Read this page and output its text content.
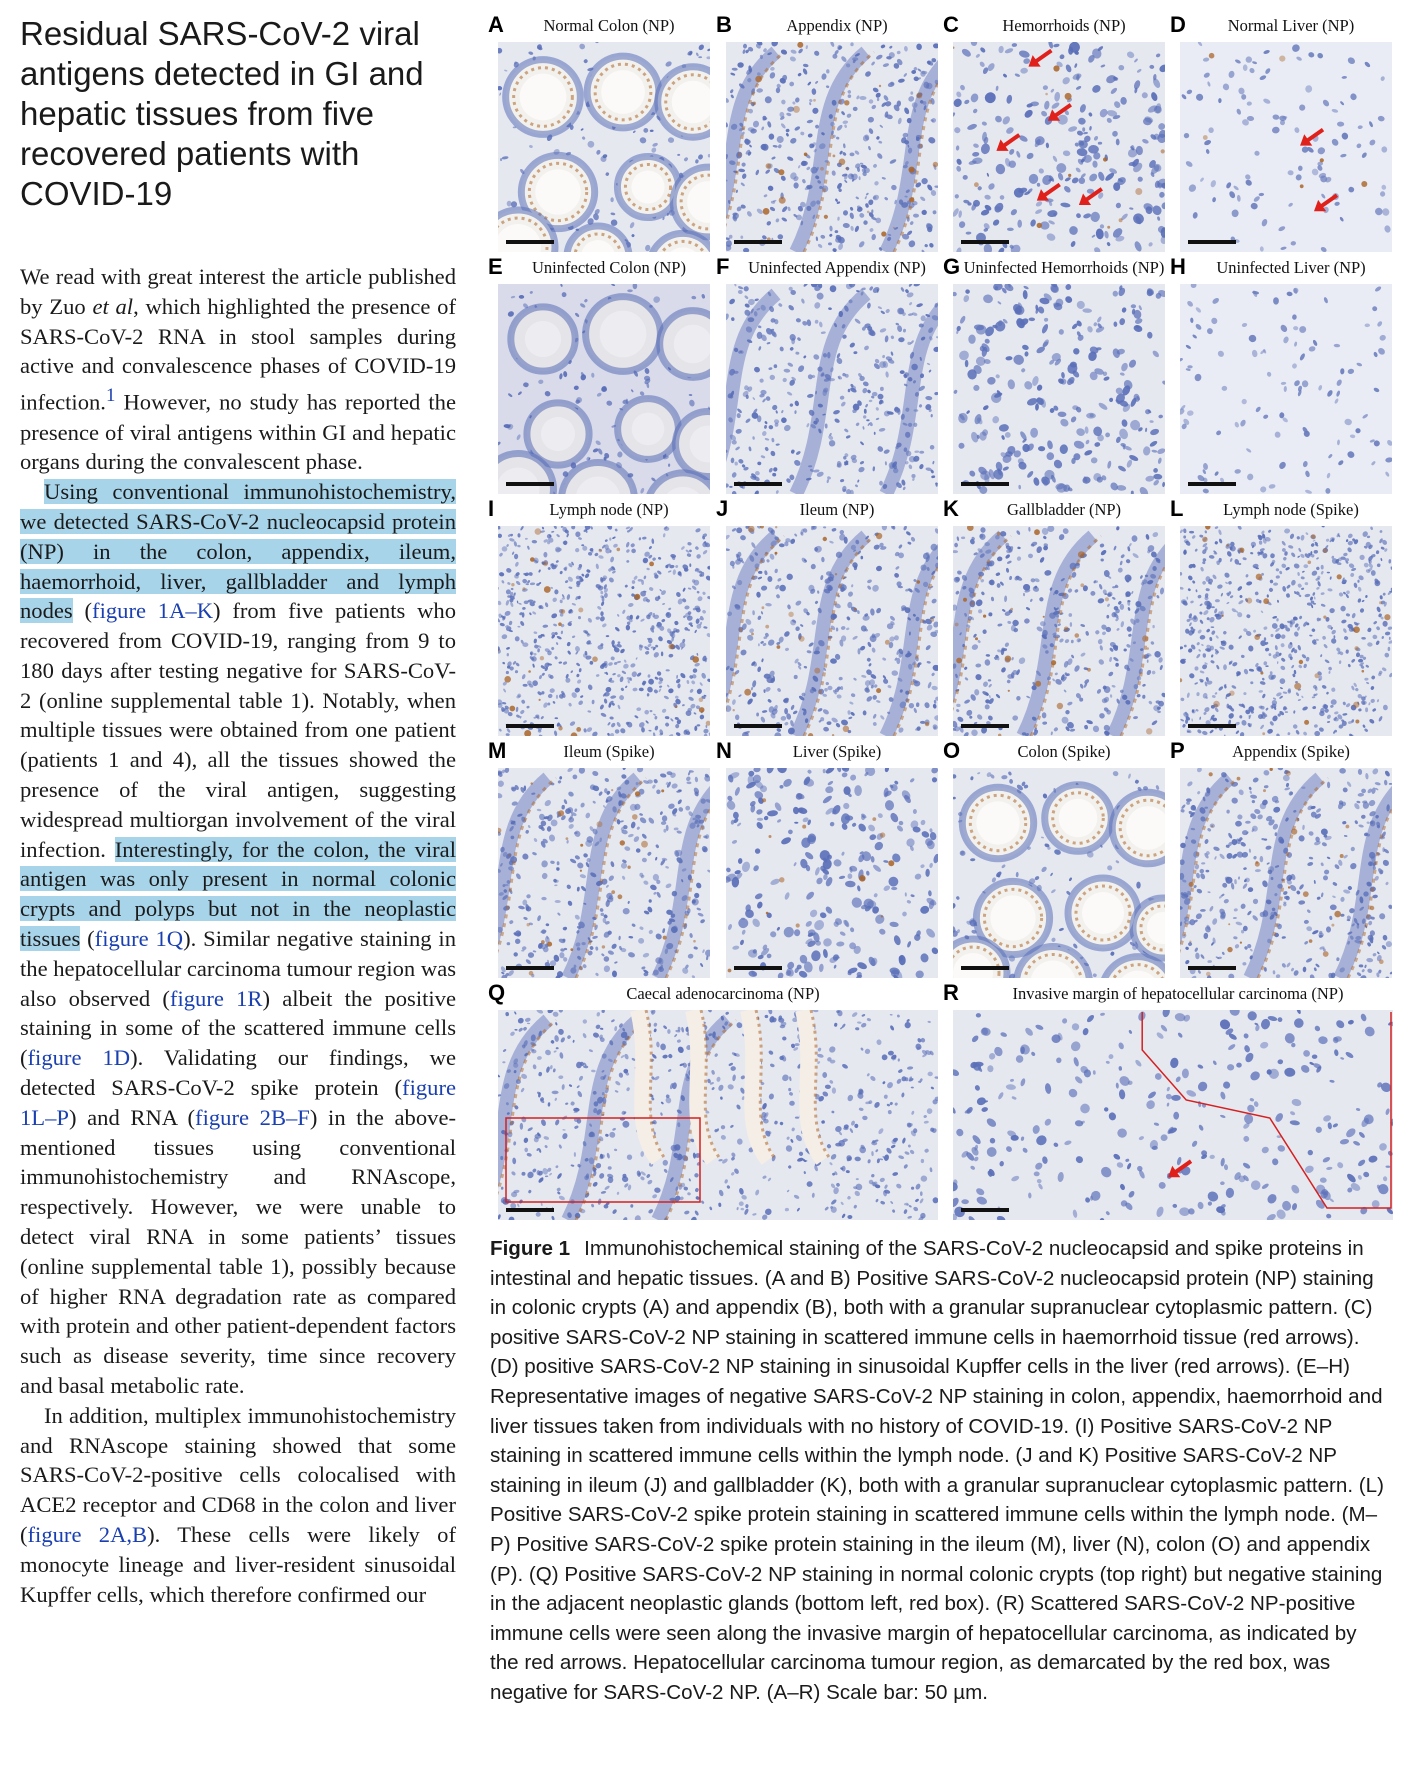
Residual SARS-CoV-2 viral antigens detected in GI and hepatic tissues from five recovered patients with COVID-19

We read with great interest the article published by Zuo et al, which highlighted the presence of SARS-CoV-2 RNA in stool samples during active and convalescence phases of COVID-19 infection.$^1$ However, no study has reported the presence of viral antigens within GI and hepatic organs during the convalescent phase.

Using conventional immunohistochemistry, we detected SARS-CoV-2 nucleocapsid protein (NP) in the colon, appendix, ileum, haemorrhoid, liver, gallbladder and lymph nodes (figure 1A–K) from five patients who recovered from COVID-19, ranging from 9 to 180 days after testing negative for SARS-CoV-2 (online supplemental table 1). Notably, when multiple tissues were obtained from one patient (patients 1 and 4), all the tissues showed the presence of the viral antigen, suggesting widespread multiorgan involvement of the viral infection. Interestingly, for the colon, the viral antigen was only present in normal colonic crypts and polyps but not in the neoplastic tissues (figure 1Q). Similar negative staining in the hepatocellular carcinoma tumour region was also observed (figure 1R) albeit the positive staining in some of the scattered immune cells (figure 1D). Validating our findings, we detected SARS-CoV-2 spike protein (figure 1L–P) and RNA (figure 2B–F) in the above-mentioned tissues using conventional immunohistochemistry and RNAscope, respectively. However, we were unable to detect viral RNA in some patients’ tissues (online supplemental table 1), possibly because of higher RNA degradation rate as compared with protein and other patient-dependent factors such as disease severity, time since recovery and basal metabolic rate.

In addition, multiplex immunohistochemistry and RNAscope staining showed that some SARS-CoV-2-positive cells colocalised with ACE2 receptor and CD68 in the colon and liver (figure 2A,B). These cells were likely of monocyte lineage and liver-resident sinusoidal Kupffer cells, which therefore confirmed our

A	Normal Colon (NP)	B	Appendix (NP)	C	Hemorrhoids (NP)	D	Normal Liver (NP)
E	Uninfected Colon (NP)	F	Uninfected Appendix (NP) G Uninfected Hemorrhoids (NP) H	Uninfected Liver (NP)
I	Lymph node (NP)	J	Ileum (NP)	K	Gallbladder (NP)	L	Lymph node (Spike)
M	Ileum (Spike)	N	Liver (Spike)	O	Colon (Spike)	P	Appendix (Spike)
Q	Caecal adenocarcinoma (NP)	R	Invasive margin of hepatocellular carcinoma (NP)
Figure 1 Immunohistochemical staining of the SARS-CoV-2 nucleocapsid and spike proteins in intestinal and hepatic tissues. (A and B) Positive SARS-CoV-2 nucleocapsid protein (NP) staining in colonic crypts (A) and appendix (B), both with a granular supranuclear cytoplasmic pattern. (C) positive SARS-CoV-2 NP staining in scattered immune cells in haemorrhoid tissue (red arrows). (D) positive SARS-CoV-2 NP staining in sinusoidal Kupffer cells in the liver (red arrows). (E–H) Representative images of negative SARS-CoV-2 NP staining in colon, appendix, haemorrhoid and liver tissues taken from individuals with no history of COVID-19. (I) Positive SARS-CoV-2 NP staining in scattered immune cells within the lymph node. (J and K) Positive SARS-CoV-2 NP staining in ileum (J) and gallbladder (K), both with a granular supranuclear cytoplasmic pattern. (L) Positive SARS-CoV-2 spike protein staining in scattered immune cells within the lymph node. (M–P) Positive SARS-CoV-2 spike protein staining in the ileum (M), liver (N), colon (O) and appendix (P). (Q) Positive SARS-CoV-2 NP staining in normal colonic crypts (top right) but negative staining in the adjacent neoplastic glands (bottom left, red box). (R) Scattered SARS-CoV-2 NP-positive immune cells were seen along the invasive margin of hepatocellular carcinoma, as indicated by the red arrows. Hepatocellular carcinoma tumour region, as demarcated by the red box, was negative for SARS-CoV-2 NP. (A–R) Scale bar: 50 µm.
